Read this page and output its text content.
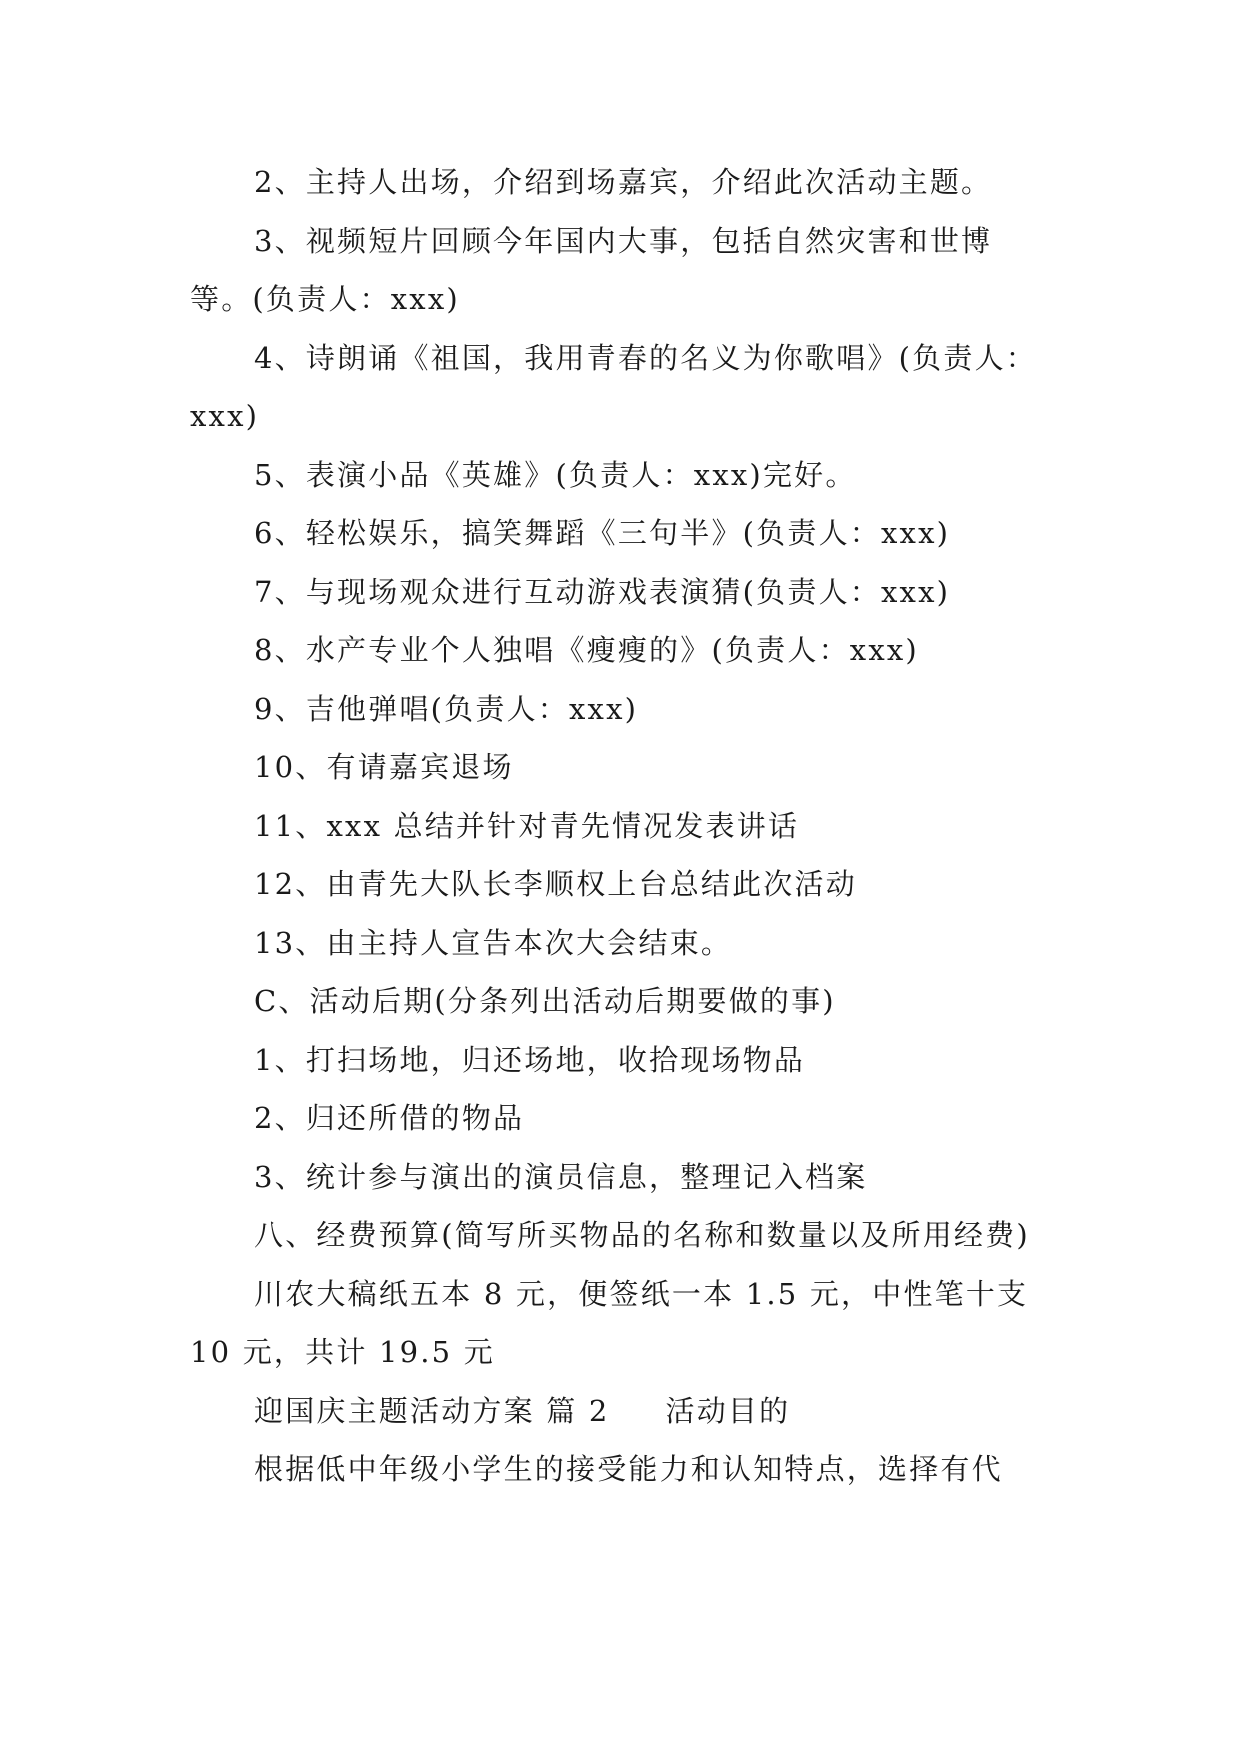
2、主持人出场，介绍到场嘉宾，介绍此次活动主题。

3、视频短片回顾今年国内大事，包括自然灾害和世博等。(负责人：xxx)

4、诗朗诵《祖国，我用青春的名义为你歌唱》(负责人：xxx)

5、表演小品《英雄》(负责人：xxx)完好。

6、轻松娱乐，搞笑舞蹈《三句半》(负责人：xxx)

7、与现场观众进行互动游戏表演猜(负责人：xxx)

8、水产专业个人独唱《瘦瘦的》(负责人：xxx)

9、吉他弹唱(负责人：xxx)

10、有请嘉宾退场

11、xxx 总结并针对青先情况发表讲话

12、由青先大队长李顺权上台总结此次活动

13、由主持人宣告本次大会结束。

C、活动后期(分条列出活动后期要做的事)

1、打扫场地，归还场地，收拾现场物品

2、归还所借的物品

3、统计参与演出的演员信息，整理记入档案

八、经费预算(简写所买物品的名称和数量以及所用经费)

川农大稿纸五本 8 元，便签纸一本 1.5 元，中性笔十支 10 元，共计 19.5 元

迎国庆主题活动方案 篇 2 活动目的

根据低中年级小学生的接受能力和认知特点，选择有代
